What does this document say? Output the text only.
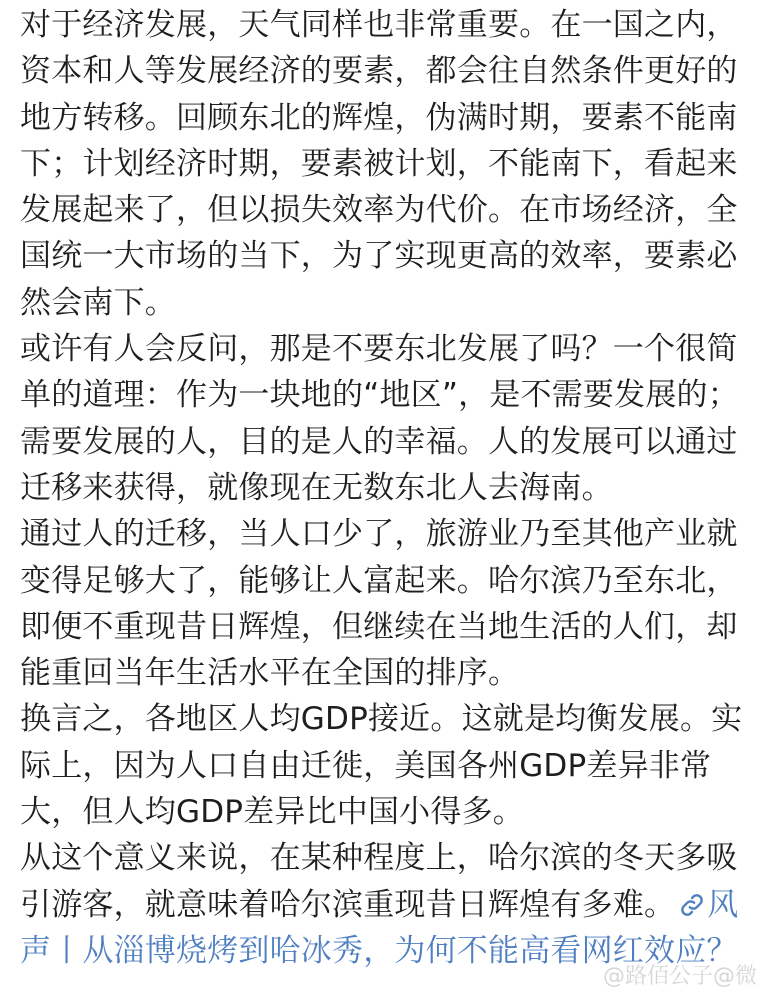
对于经济发展，天气同样也非常重要。在一国之内，资本和人等发展经济的要素，都会往自然条件更好的地方转移。回顾东北的辉煌，伪满时期，要素不能南下；计划经济时期，要素被计划，不能南下，看起来发展起来了，但以损失效率为代价。在市场经济，全国统一大市场的当下，为了实现更高的效率，要素必然会南下。

或许有人会反问，那是不要东北发展了吗？一个很简单的道理：作为一块地的“地区”，是不需要发展的；需要发展的人，目的是人的幸福。人的发展可以通过迁移来获得，就像现在无数东北人去海南。

通过人的迁移，当人口少了，旅游业乃至其他产业就变得足够大了，能够让人富起来。哈尔滨乃至东北，即便不重现昔日辉煌，但继续在当地生活的人们，却能重回当年生活水平在全国的排序。

换言之，各地区人均GDP接近。这就是均衡发展。实际上，因为人口自由迁徙，美国各州GDP差异非常大，但人均GDP差异比中国小得多。

从这个意义来说，在某种程度上，哈尔滨的冬天多吸引游客，就意味着哈尔滨重现昔日辉煌有多难。 风声丨从淄博烧烤到哈冰秀，为何不能高看网红效应？

@路佰公子@微
